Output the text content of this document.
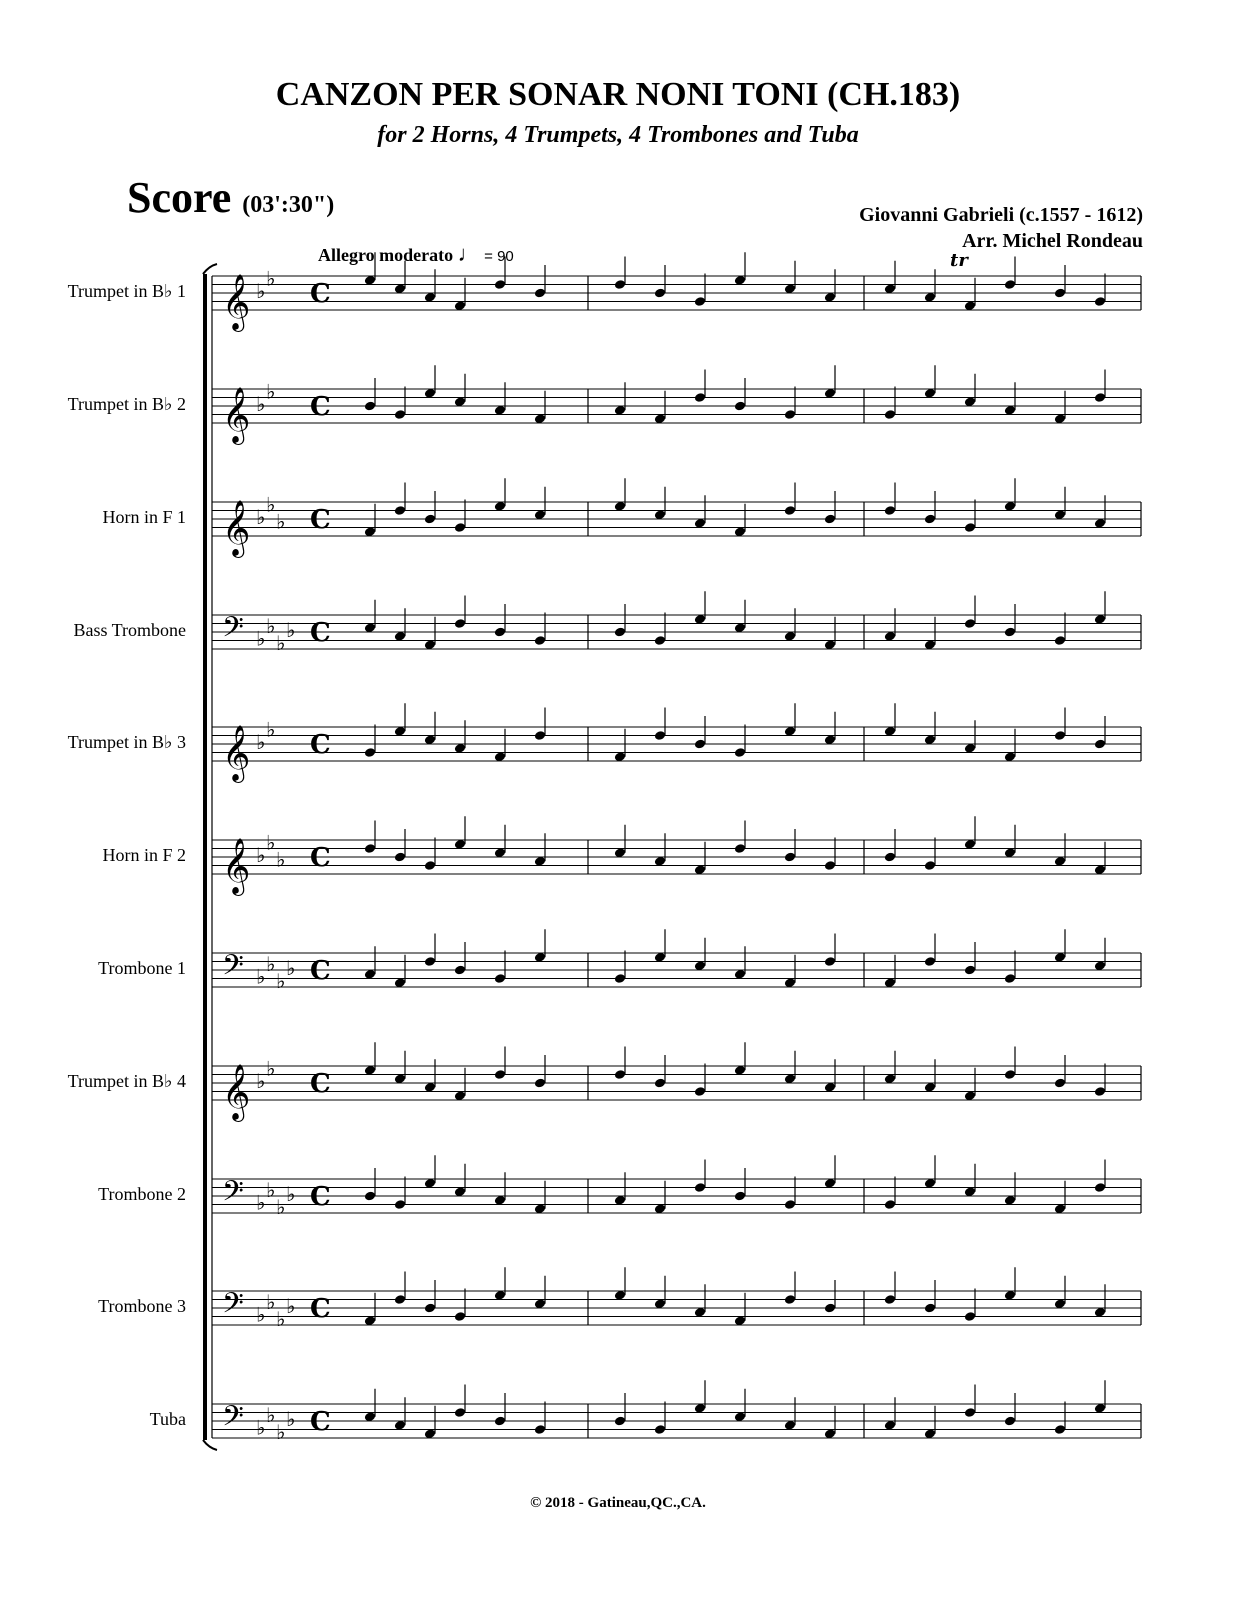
CANZON PER SONAR NONI TONI (CH.183)
for 2 Horns, 4 Trumpets, 4 Trombones and Tuba
Score (03':30")	Giovanni Gabrieli (c.1557 - 1612)
Arr. Michel Rondeau
Allegro moderato ♩ = 90
Trumpet in B♭ 1
Trumpet in B♭ 2
Horn in F 1
Bass Trombone
Trumpet in B♭ 3
Horn in F 2
Trombone 1
Trumpet in B♭ 4
Trombone 2
Trombone 3
Tuba
𝄞 ♭
♭
C
𝄞 ♭
♭
C
𝄞 ♭
♭
♭ C
𝄢 ♭
♭
♭
♭ C
𝄞 ♭
♭
C
𝄞 ♭
♭
♭ C
𝄢 ♭
♭
♭
♭ C
𝄞 ♭
♭
C
𝄢 ♭
♭
♭
♭ C
𝄢 ♭
♭
♭
♭ C
𝄢 ♭
♭
♭
♭ C
tr
© 2018 - Gatineau,QC.,CA.
